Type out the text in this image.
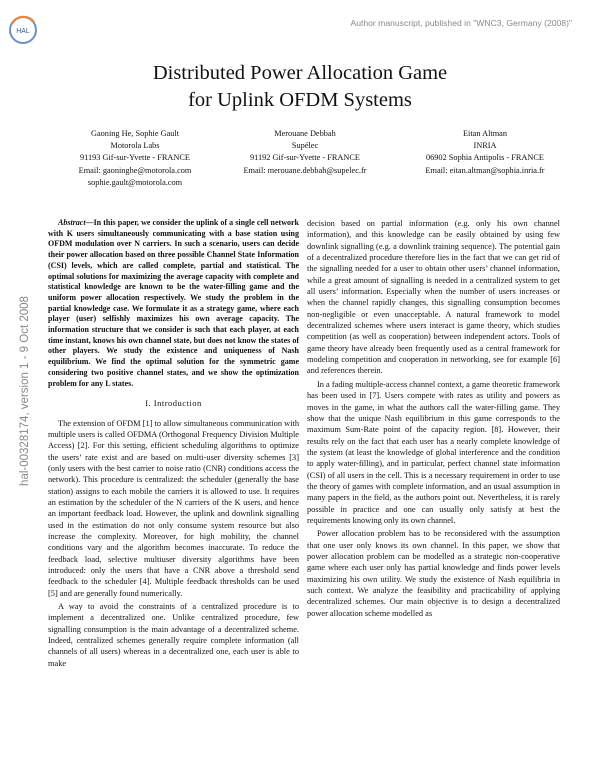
HAL
Author manuscript, published in "WNC3, Germany (2008)"
Distributed Power Allocation Game
for Uplink OFDM Systems
Gaoning He, Sophie Gault
Motorola Labs
91193 Gif-sur-Yvette - FRANCE
Email: gaoninghe@motorola.com
sophie.gault@motorola.com
Merouane Debbah
Supélec
91192 Gif-sur-Yvette - FRANCE
Email: merouane.debbah@supelec.fr
Eitan Altman
INRIA
06902 Sophia Antipolis - FRANCE
Email: eitan.altman@sophia.inria.fr
hal-00328174, version 1 - 9 Oct 2008

Abstract—In this paper, we consider the uplink of a single cell network with K users simultaneously communicating with a base station using OFDM modulation over N carriers. In such a scenario, users can decide their power allocation based on three possible Channel State Information (CSI) levels, which are called complete, partial and statistical. The optimal solutions for maximizing the average capacity with complete and statistical knowledge are known to be the water-filling game and the uniform power allocation respectively. We study the problem in the partial knowledge case. We formulate it as a strategy game, where each player (user) selfishly maximizes his own average capacity. The information structure that we consider is such that each player, at each time instant, knows his own channel state, but does not know the states of other players. We study the existence and uniqueness of Nash equilibrium. We find the optimal solution for the symmetric game considering two positive channel states, and we show the optimization problem for any L states.

I. Introduction

The extension of OFDM [1] to allow simultaneous communication with multiple users is called OFDMA (Orthogonal Frequency Division Multiple Access) [2]. For this setting, efficient scheduling algorithms to optimize the users’ rate exist and are based on multi-user diversity schemes [3] (only users with the best carrier to noise ratio (CNR) conditions access the network). This procedure is centralized: the scheduler (generally the base station) assigns to each mobile the carriers it is allowed to use. It requires an estimation by the scheduler of the N carriers of the K users, and hence an important feedback load. However, the uplink and downlink signalling used in the estimation do not only consume system resource but also increase the complexity. Moreover, for high mobility, the channel conditions vary and the algorithm becomes inaccurate. To reduce the feedback load, selective multiuser diversity algorithms have been introduced: only the users that have a CNR above a threshold send feedback to the scheduler [4]. Multiple feedback thresholds can be used [5] and are generally found numerically.

A way to avoid the constraints of a centralized procedure is to implement a decentralized one. Unlike centralized procedure, few signalling consumption is the main advantage of a decentralized scheme. Indeed, centralized schemes generally require complete information (all channels of all users) whereas in a decentralized one, each user is able to make

decision based on partial information (e.g. only his own channel information), and this knowledge can be easily obtained by using few downlink signalling (e.g. a downlink training sequence). The potential gain of a decentralized procedure therefore lies in the fact that we can get rid of the signalling needed for a user to obtain other users’ channel information, while a great amount of signalling is needed in a centralized system to get all users’ information. Especially when the number of users increases or when the channel rapidly changes, this signalling consumption becomes non-negligible or even unacceptable. A natural framework to model decentralized schemes where users interact is game theory, which studies competition (as well as cooperation) between independent actors. Tools of game theory have already been frequently used as a central framework for modeling competition and cooperation in networking, see for example [6] and references therein.

In a fading multiple-access channel context, a game theoretic framework has been used in [7]. Users compete with rates as utility and powers as moves in the game, in what the authors call the water-filling game. They show that the unique Nash equilibrium in this game corresponds to the maximum Sum-Rate point of the capacity region. [8]. However, their results rely on the fact that each user has a nearly complete knowledge of the system (at least the knowledge of global interference and the condition to apply water-filling), and in particular, perfect channel state information (CSI) of all users in the cell. This is a necessary requirement in order to use the theory of games with complete information, and an usual assumption in many papers in the field, as the authors point out. Nevertheless, it is rarely possible in practice and one can usually only satisfy at best the requirements knowing only its own channel.

Power allocation problem has to be reconsidered with the assumption that one user only knows its own channel. In this paper, we show that power allocation problem can be modelled as a strategic non-cooperative game where each user only has partial knowledge and finds power levels maximizing his own utility. We study the existence of Nash equilibria in such context. We analyze the feasibility and practicability of applying decentralized schemes. Our main objective is to design a decentralized power allocation scheme modelled as
